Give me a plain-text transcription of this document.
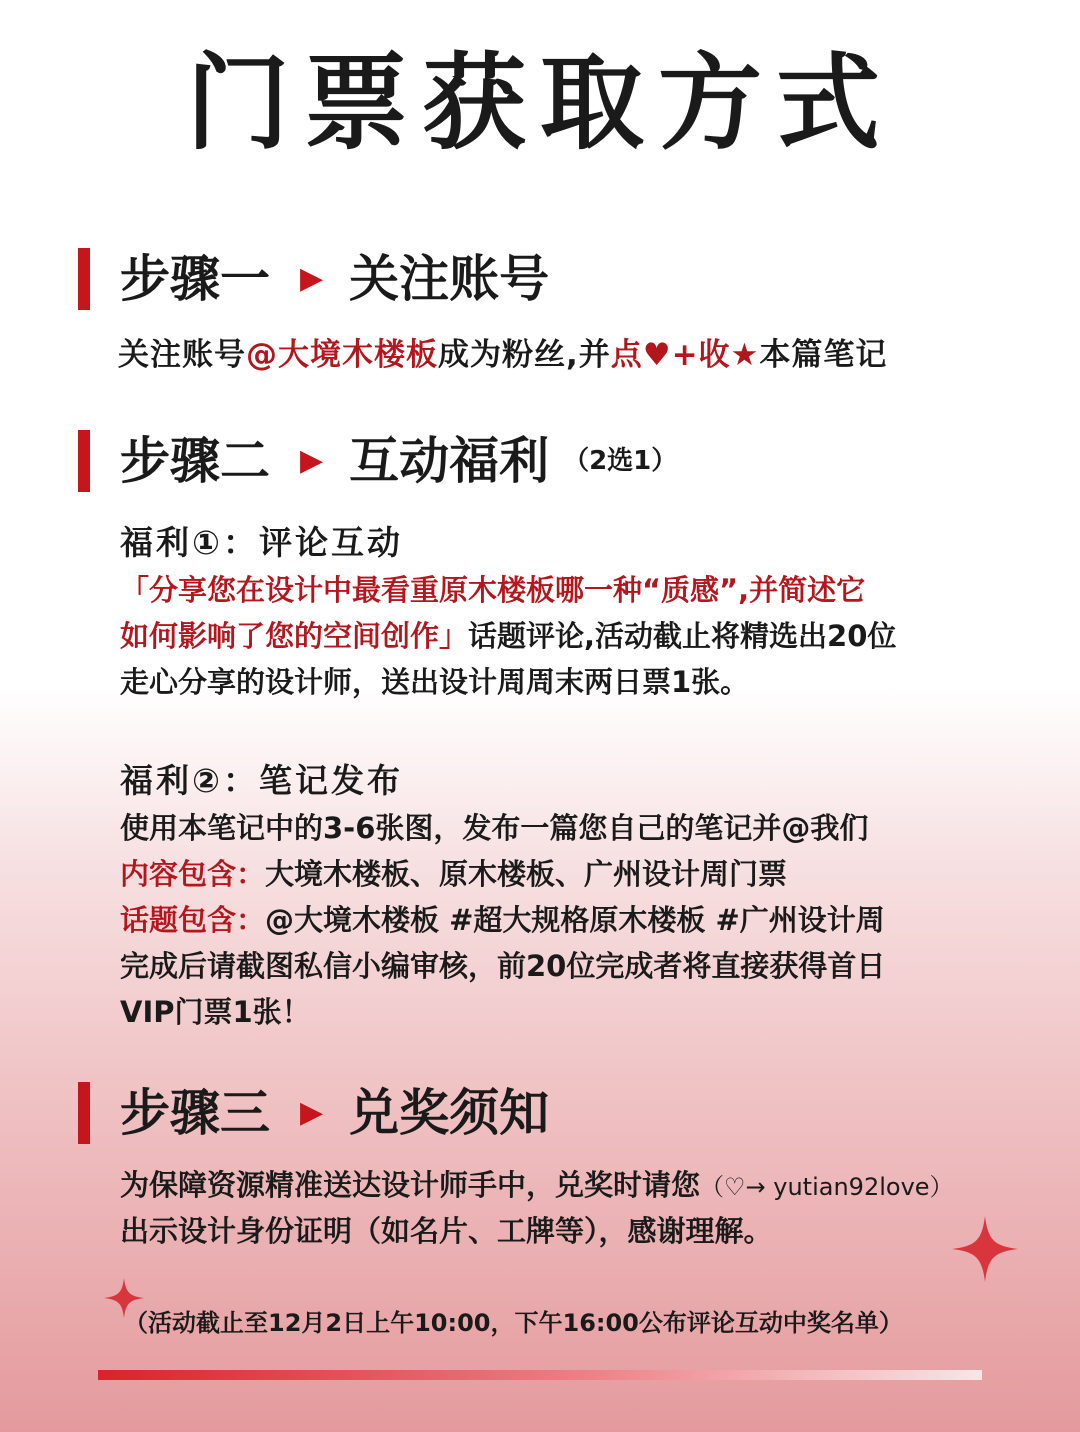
门票获取方式
步骤一 ▶ 关注账号
关注账号@大境木楼板成为粉丝,并点♥+收★本篇笔记
步骤二 ▶ 互动福利 （2选1）
福利①：评论互动
「分享您在设计中最看重原木楼板哪一种“质感”,并简述它
如何影响了您的空间创作」话题评论,活动截止将精选出20位
走心分享的设计师，送出设计周周末两日票1张。
福利②：笔记发布
使用本笔记中的3-6张图，发布一篇您自己的笔记并@我们
内容包含：大境木楼板、原木楼板、广州设计周门票
话题包含：@大境木楼板 #超大规格原木楼板 #广州设计周
完成后请截图私信小编审核，前20位完成者将直接获得首日
VIP门票1张！
步骤三 ▶ 兑奖须知
为保障资源精准送达设计师手中，兑奖时请您（♡→ yutian92love）
出示设计身份证明（如名片、工牌等），感谢理解。
（活动截止至12月2日上午10:00，下午16:00公布评论互动中奖名单）
